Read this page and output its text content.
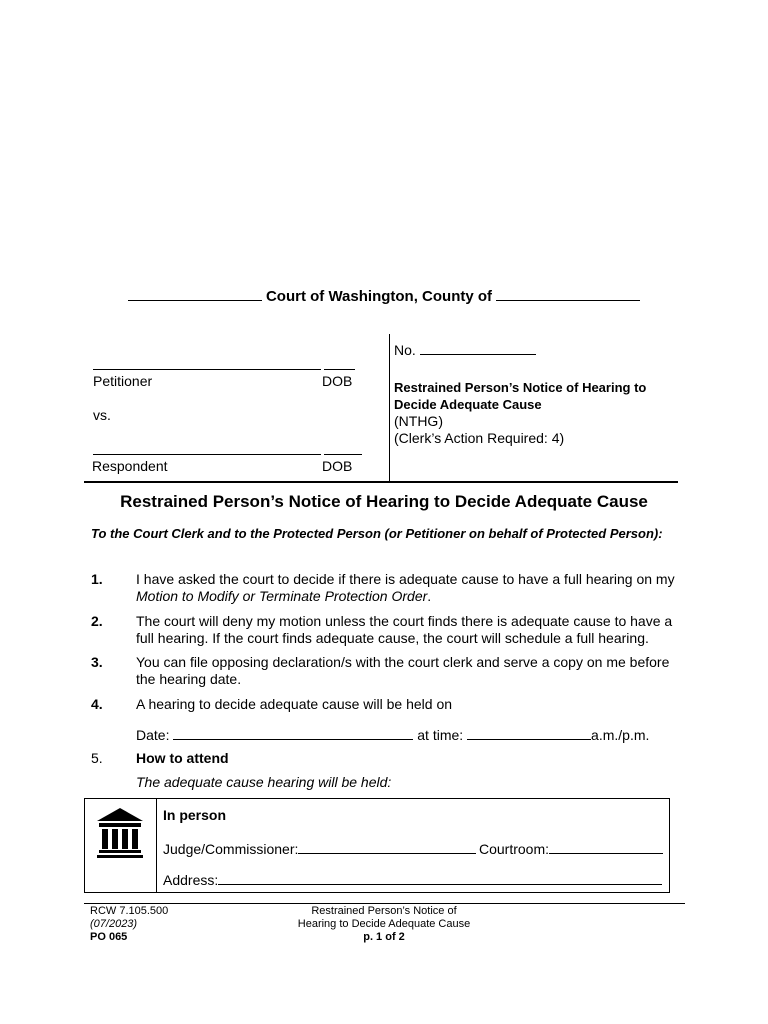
Court of Washington, County of
Petitioner	DOB
vs.
Respondent	DOB
No.
Restrained Person’s Notice of Hearing to Decide Adequate Cause
(NTHG)
(Clerk’s Action Required: 4)
Restrained Person’s Notice of Hearing to Decide Adequate Cause
To the Court Clerk and to the Protected Person (or Petitioner on behalf of Protected Person):
1. I have asked the court to decide if there is adequate cause to have a full hearing on my Motion to Modify or Terminate Protection Order.
2. The court will deny my motion unless the court finds there is adequate cause to have a full hearing. If the court finds adequate cause, the court will schedule a full hearing.
3. You can file opposing declaration/s with the court clerk and serve a copy on me before the hearing date.
4. A hearing to decide adequate cause will be held on
Date:	at time:	a.m./p.m.
5. How to attend
The adequate cause hearing will be held:
In person
Judge/Commissioner:	Courtroom:
Address:
RCW 7.105.500
(07/2023)
PO 065
Restrained Person’s Notice of
Hearing to Decide Adequate Cause
p. 1 of 2
